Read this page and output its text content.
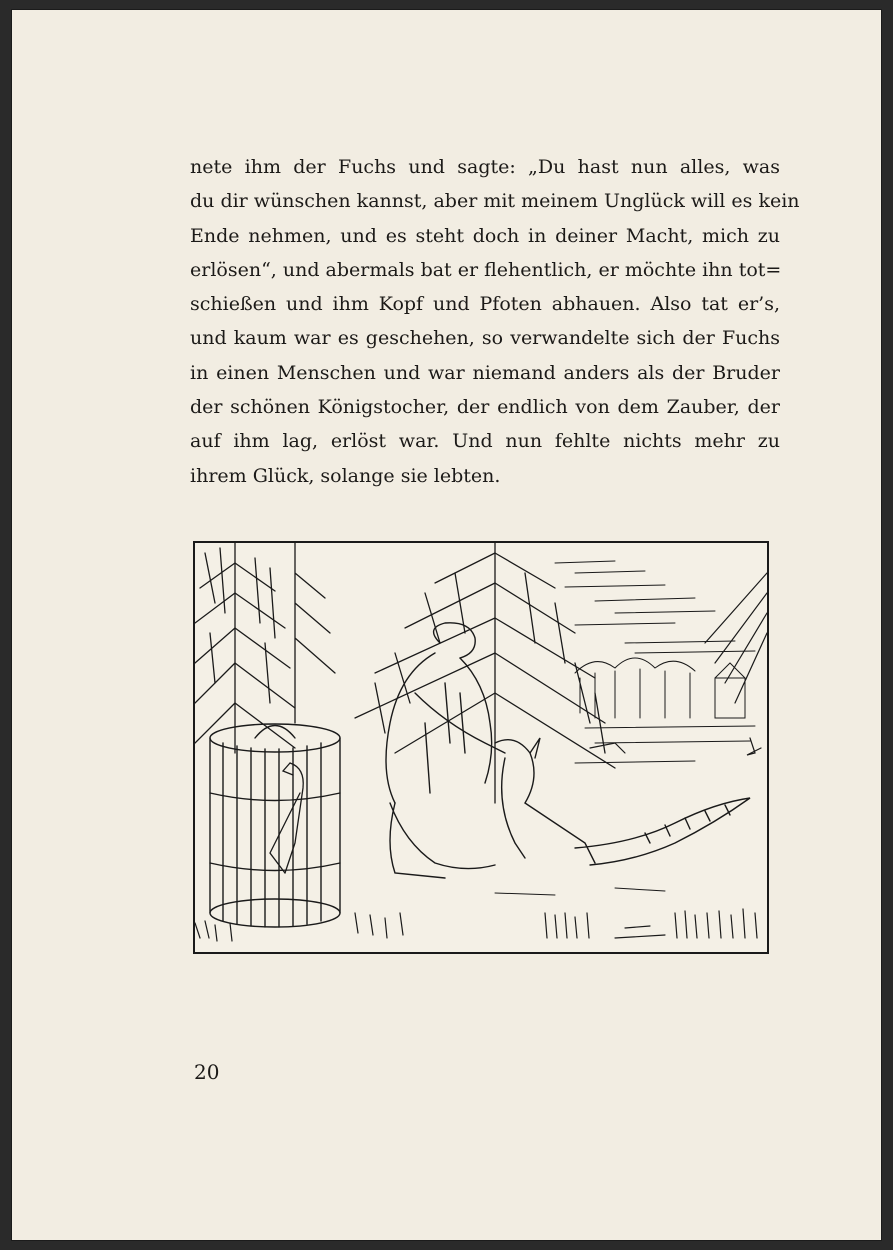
nete ihm der Fuchs und sagte: „Du hast nun alles, was
du dir wünschen kannst, aber mit meinem Unglück will es kein
Ende nehmen, und es steht doch in deiner Macht, mich zu
erlösen“, und abermals bat er flehentlich, er möchte ihn tot=
schießen und ihm Kopf und Pfoten abhauen. Also tat er’s,
und kaum war es geschehen, so verwandelte sich der Fuchs
in einen Menschen und war niemand anders als der Bruder
der schönen Königstocher, der endlich von dem Zauber, der
auf ihm lag, erlöst war. Und nun fehlte nichts mehr zu
ihrem Glück, solange sie lebten.
20
